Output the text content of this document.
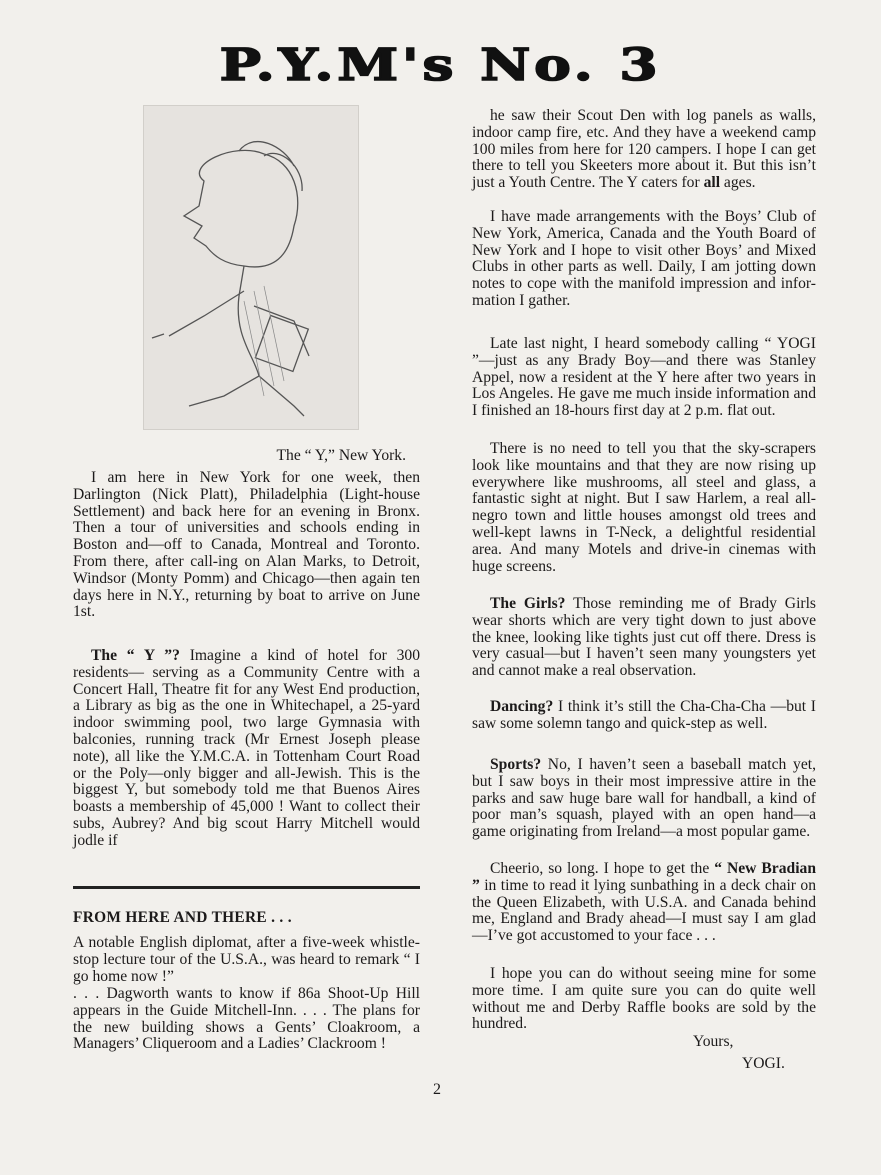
P.Y.M's No. 3
The “ Y,” New York.

I am here in New York for one week, then Darlington (Nick Platt), Philadelphia (Light-house Settlement) and back here for an evening in Bronx. Then a tour of universities and schools ending in Boston and—off to Canada, Montreal and Toronto. From there, after call-ing on Alan Marks, to Detroit, Windsor (Monty Pomm) and Chicago—then again ten days here in N.Y., returning by boat to arrive on June 1st.

The “ Y ”? Imagine a kind of hotel for 300 residents— serving as a Community Centre with a Concert Hall, Theatre fit for any West End production, a Library as big as the one in Whitechapel, a 25-yard indoor swimming pool, two large Gymnasia with balconies, running track (Mr Ernest Joseph please note), all like the Y.M.C.A. in Tottenham Court Road or the Poly—only bigger and all-Jewish. This is the biggest Y, but somebody told me that Buenos Aires boasts a membership of 45,000 ! Want to collect their subs, Aubrey? And big scout Harry Mitchell would jodle if

FROM HERE AND THERE . . .

A notable English diplomat, after a five-week whistle-stop lecture tour of the U.S.A., was heard to remark “ I go home now !”

. . . Dagworth wants to know if 86a Shoot-Up Hill appears in the Guide Mitchell-Inn. . . . The plans for the new building shows a Gents’ Cloakroom, a Managers’ Cliqueroom and a Ladies’ Clackroom !

he saw their Scout Den with log panels as walls, indoor camp fire, etc. And they have a weekend camp 100 miles from here for 120 campers. I hope I can get there to tell you Skeeters more about it. But this isn’t just a Youth Centre. The Y caters for all ages.

I have made arrangements with the Boys’ Club of New York, America, Canada and the Youth Board of New York and I hope to visit other Boys’ and Mixed Clubs in other parts as well. Daily, I am jotting down notes to cope with the manifold impression and infor-mation I gather.

Late last night, I heard somebody calling “ YOGI ”—just as any Brady Boy—and there was Stanley Appel, now a resident at the Y here after two years in Los Angeles. He gave me much inside information and I finished an 18-hours first day at 2 p.m. flat out.

There is no need to tell you that the sky-scrapers look like mountains and that they are now rising up everywhere like mushrooms, all steel and glass, a fantastic sight at night. But I saw Harlem, a real all-negro town and little houses amongst old trees and well-kept lawns in T-Neck, a delightful residential area. And many Motels and drive-in cinemas with huge screens.

The Girls? Those reminding me of Brady Girls wear shorts which are very tight down to just above the knee, looking like tights just cut off there. Dress is very casual—but I haven’t seen many youngsters yet and cannot make a real observation.

Dancing? I think it’s still the Cha-Cha-Cha —but I saw some solemn tango and quick-step as well.

Sports? No, I haven’t seen a baseball match yet, but I saw boys in their most impressive attire in the parks and saw huge bare wall for handball, a kind of poor man’s squash, played with an open hand—a game originating from Ireland—a most popular game.

Cheerio, so long. I hope to get the “ New Bradian ” in time to read it lying sunbathing in a deck chair on the Queen Elizabeth, with U.S.A. and Canada behind me, England and Brady ahead—I must say I am glad—I’ve got accustomed to your face . . .

I hope you can do without seeing mine for some more time. I am quite sure you can do quite well without me and Derby Raffle books are sold by the hundred.

Yours,
YOGI.
2
